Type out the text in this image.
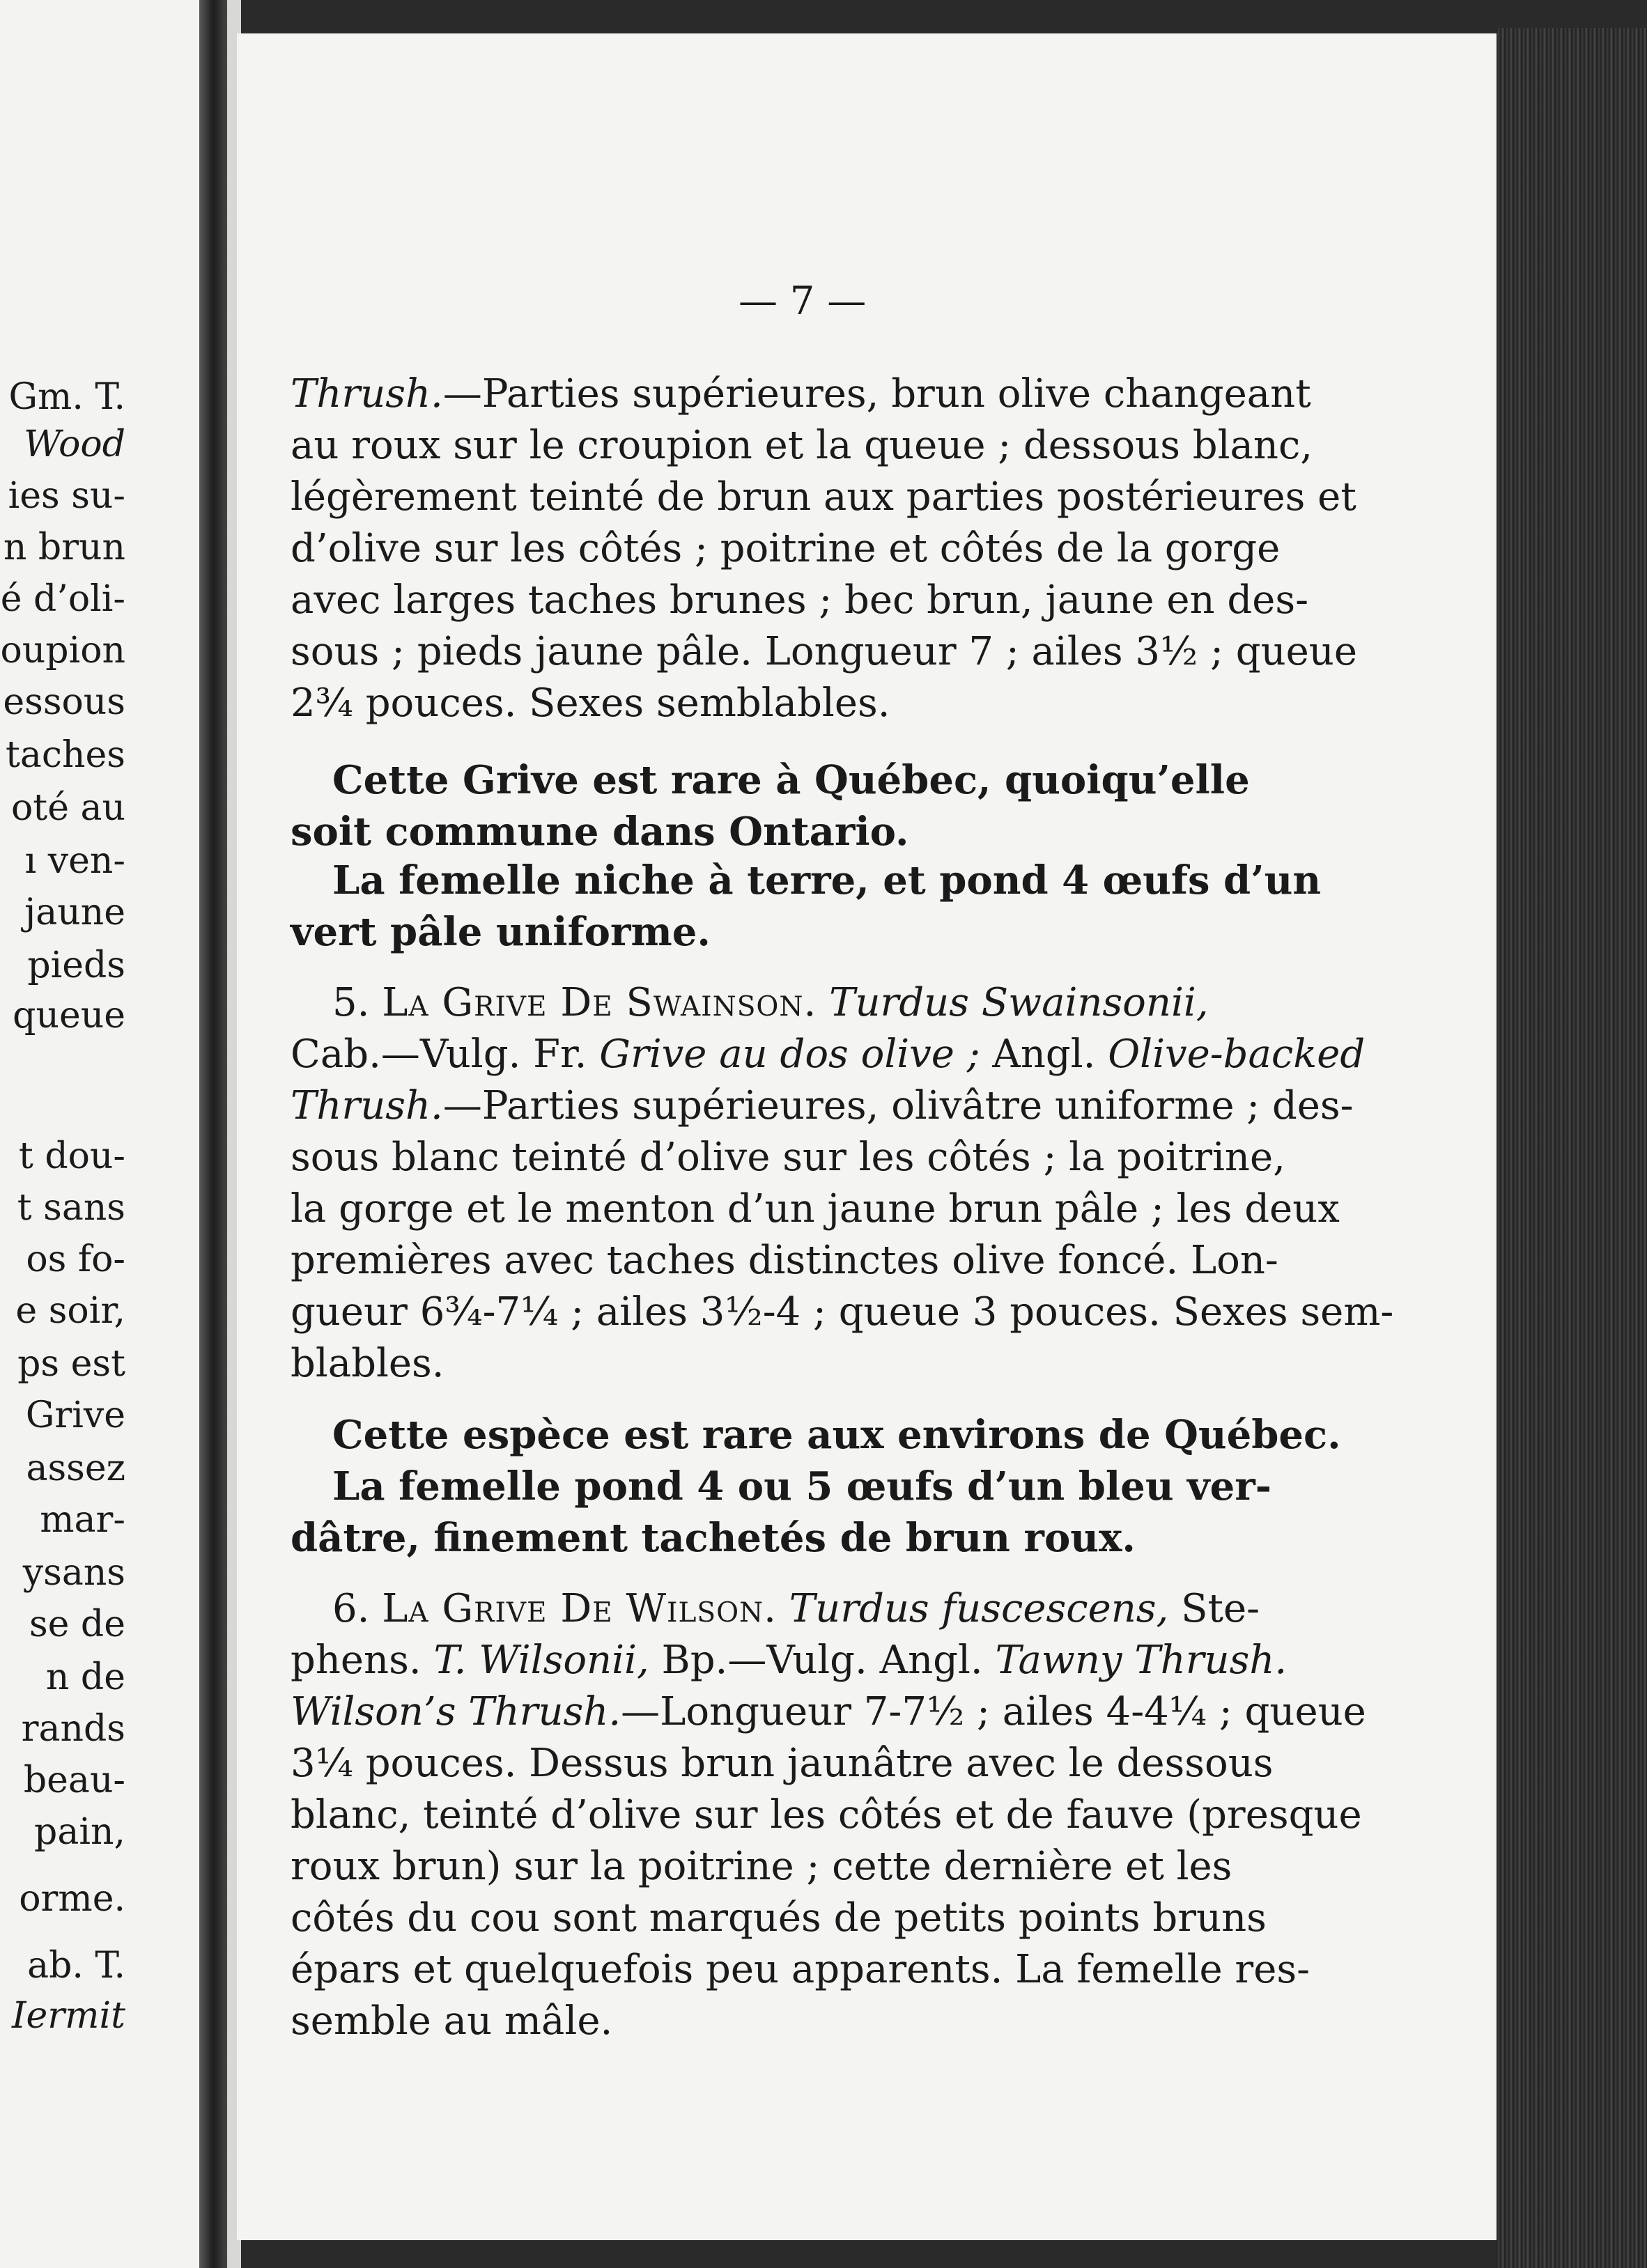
Gm. T.
Wood
ies su-
n brun
é d’oli-
oupion
essous
taches
oté au
ı ven-
jaune
pieds
queue
t dou-
t sans
os fo-
e soir,
ps est
Grive
assez
mar-
ysans
se de
n de
rands
beau-
pain,
orme.
ab. T.
Iermit
— 7 —
Thrush.—Parties supérieures, brun olive changeant
au roux sur le croupion et la queue ; dessous blanc,
légèrement teinté de brun aux parties postérieures et
d’olive sur les côtés ; poitrine et côtés de la gorge
avec larges taches brunes ; bec brun, jaune en des-
sous ; pieds jaune pâle. Longueur 7 ; ailes 3½ ; queue
2¾ pouces. Sexes semblables.
Cette Grive est rare à Québec, quoiqu’elle
soit commune dans Ontario.
La femelle niche à terre, et pond 4 œufs d’un
vert pâle uniforme.
5. La Grive De Swainson. Turdus Swainsonii,
Cab.—Vulg. Fr. Grive au dos olive ; Angl. Olive-backed
Thrush.—Parties supérieures, olivâtre uniforme ; des-
sous blanc teinté d’olive sur les côtés ; la poitrine,
la gorge et le menton d’un jaune brun pâle ; les deux
premières avec taches distinctes olive foncé. Lon-
gueur 6¾-7¼ ; ailes 3½-4 ; queue 3 pouces. Sexes sem-
blables.
Cette espèce est rare aux environs de Québec.
La femelle pond 4 ou 5 œufs d’un bleu ver-
dâtre, finement tachetés de brun roux.
6. La Grive De Wilson. Turdus fuscescens, Ste-
phens. T. Wilsonii, Bp.—Vulg. Angl. Tawny Thrush.
Wilson’s Thrush.—Longueur 7-7½ ; ailes 4-4¼ ; queue
3¼ pouces. Dessus brun jaunâtre avec le dessous
blanc, teinté d’olive sur les côtés et de fauve (presque
roux brun) sur la poitrine ; cette dernière et les
côtés du cou sont marqués de petits points bruns
épars et quelquefois peu apparents. La femelle res-
semble au mâle.
